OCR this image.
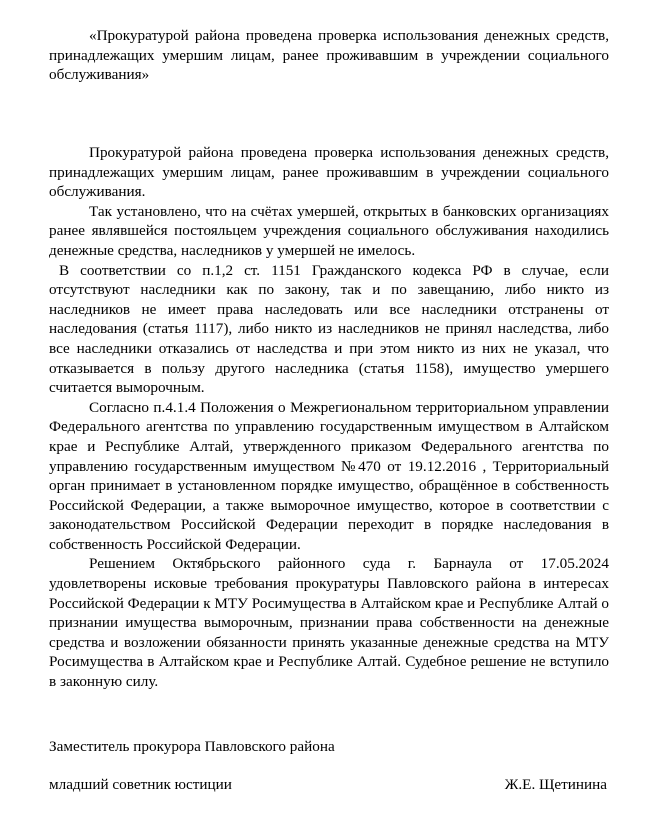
«Прокуратурой района проведена проверка использования денежных средств, принадлежащих умершим лицам, ранее проживавшим в учреждении социального обслуживания»

Прокуратурой района проведена проверка использования денежных средств, принадлежащих умершим лицам, ранее проживавшим в учреждении социального обслуживания.

Так установлено, что на счётах умершей, открытых в банковских организациях ранее являвшейся постояльцем учреждения социального обслуживания находились денежные средства, наследников у умершей не имелось.

В соответствии со п.1,2 ст. 1151 Гражданского кодекса РФ в случае, если отсутствуют наследники как по закону, так и по завещанию, либо никто из наследников не имеет права наследовать или все наследники отстранены от наследования (статья 1117), либо никто из наследников не принял наследства, либо все наследники отказались от наследства и при этом никто из них не указал, что отказывается в пользу другого наследника (статья 1158), имущество умершего считается выморочным.

Согласно п.4.1.4 Положения о Межрегиональном территориальном управлении Федерального агентства по управлению государственным имуществом в Алтайском крае и Республике Алтай, утвержденного приказом Федерального агентства по управлению государственным имуществом №470 от 19.12.2016 , Территориальный орган принимает в установленном порядке имущество, обращённое в собственность Российской Федерации, а также выморочное имущество, которое в соответствии с законодательством Российской Федерации переходит в порядке наследования в собственность Российской Федерации.

Решением Октябрьского районного суда г. Барнаула от 17.05.2024 удовлетворены исковые требования прокуратуры Павловского района в интересах Российской Федерации к МТУ Росимущества в Алтайском крае и Республике Алтай о признании имущества выморочным, признании права собственности на денежные средства и возложении обязанности принять указанные денежные средства на МТУ Росимущества в Алтайском крае и Республике Алтай. Судебное решение не вступило в законную силу.

Заместитель прокурора Павловского района

младший советник юстиции	Ж.Е. Щетинина
